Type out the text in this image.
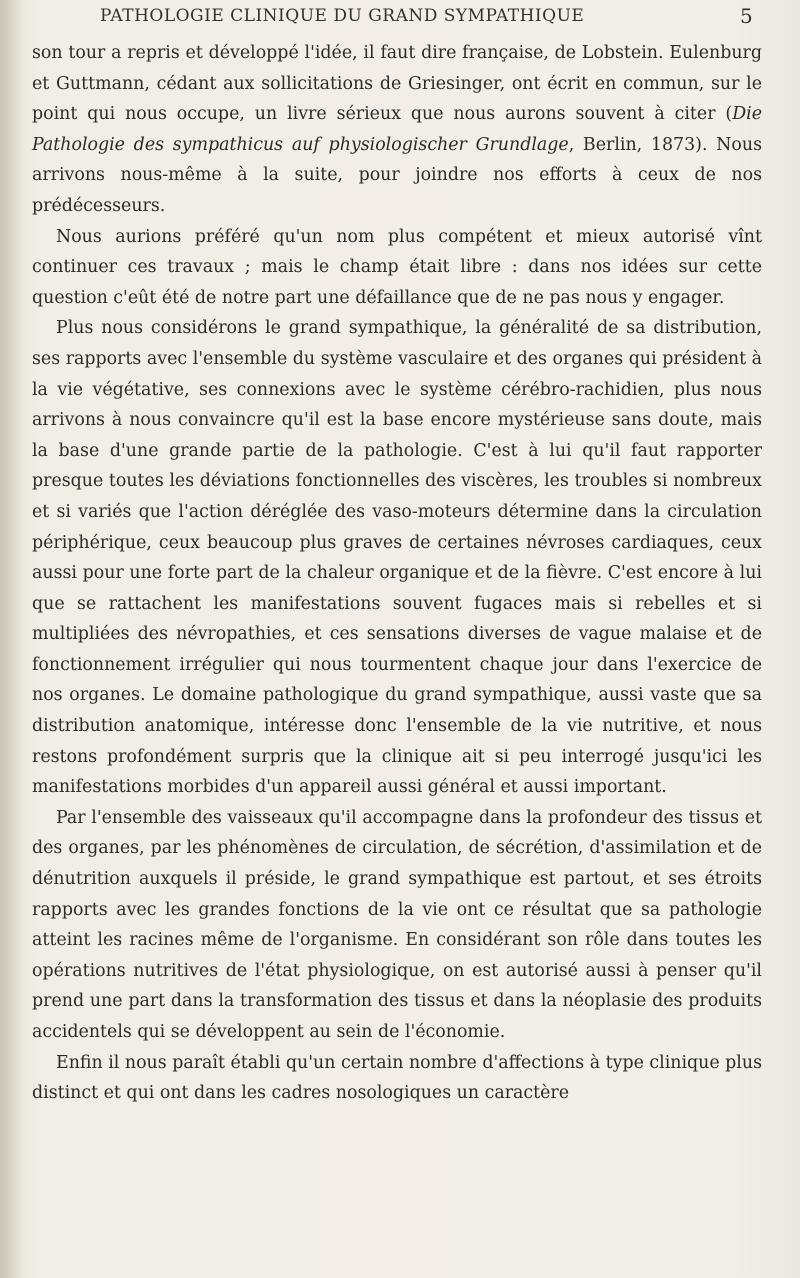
PATHOLOGIE CLINIQUE DU GRAND SYMPATHIQUE	5

son tour a repris et développé l'idée, il faut dire française, de Lobstein. Eulenburg et Guttmann, cédant aux sollicitations de Griesinger, ont écrit en commun, sur le point qui nous occupe, un livre sérieux que nous aurons souvent à citer (Die Pathologie des sympathicus auf physiologischer Grundlage, Berlin, 1873). Nous arrivons nous-même à la suite, pour joindre nos efforts à ceux de nos prédécesseurs.

Nous aurions préféré qu'un nom plus compétent et mieux autorisé vînt continuer ces travaux ; mais le champ était libre : dans nos idées sur cette question c'eût été de notre part une défaillance que de ne pas nous y engager.

Plus nous considérons le grand sympathique, la généralité de sa distribution, ses rapports avec l'ensemble du système vasculaire et des organes qui président à la vie végétative, ses connexions avec le système cérébro-rachidien, plus nous arrivons à nous convaincre qu'il est la base encore mystérieuse sans doute, mais la base d'une grande partie de la pathologie. C'est à lui qu'il faut rapporter presque toutes les déviations fonctionnelles des viscères, les troubles si nombreux et si variés que l'action déréglée des vaso-moteurs détermine dans la circulation périphérique, ceux beaucoup plus graves de certaines névroses cardiaques, ceux aussi pour une forte part de la chaleur organique et de la fièvre. C'est encore à lui que se rattachent les manifestations souvent fugaces mais si rebelles et si multipliées des névropathies, et ces sensations diverses de vague malaise et de fonctionnement irrégulier qui nous tourmentent chaque jour dans l'exercice de nos organes. Le domaine pathologique du grand sympathique, aussi vaste que sa distribution anatomique, intéresse donc l'ensemble de la vie nutritive, et nous restons profondément surpris que la clinique ait si peu interrogé jusqu'ici les manifestations morbides d'un appareil aussi général et aussi important.

Par l'ensemble des vaisseaux qu'il accompagne dans la profondeur des tissus et des organes, par les phénomènes de circulation, de sécrétion, d'assimilation et de dénutrition auxquels il préside, le grand sympathique est partout, et ses étroits rapports avec les grandes fonctions de la vie ont ce résultat que sa pathologie atteint les racines même de l'organisme. En considérant son rôle dans toutes les opérations nutritives de l'état physiologique, on est autorisé aussi à penser qu'il prend une part dans la transformation des tissus et dans la néoplasie des produits accidentels qui se développent au sein de l'économie.

Enfin il nous paraît établi qu'un certain nombre d'affections à type clinique plus distinct et qui ont dans les cadres nosologiques un caractère
